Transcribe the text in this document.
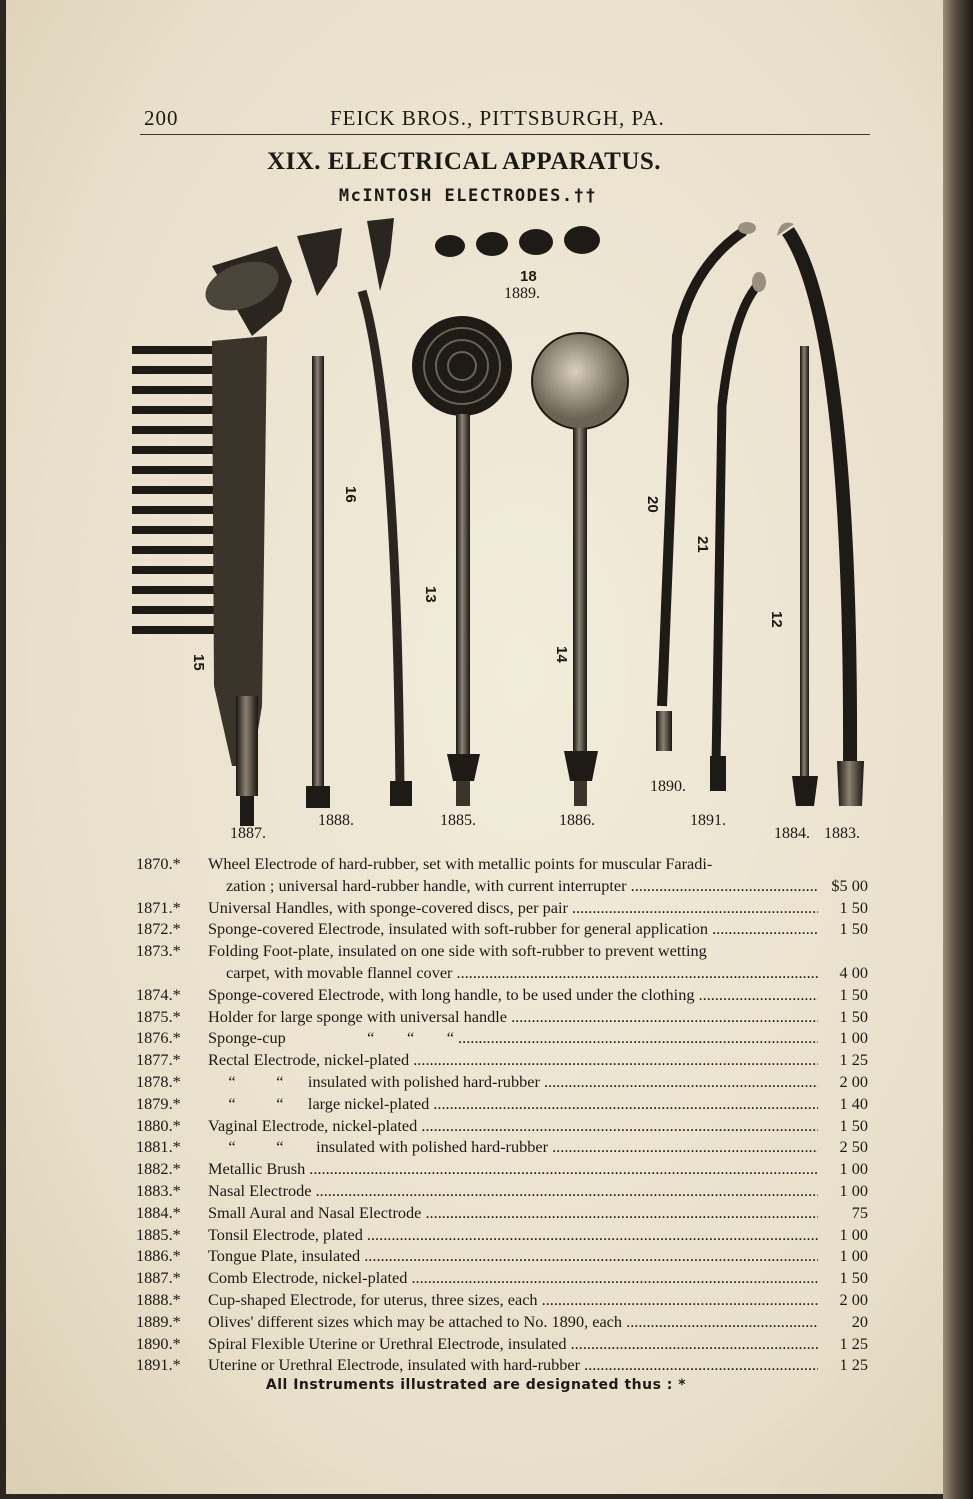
200	FEICK BROS., PITTSBURGH, PA.
XIX. ELECTRICAL APPARATUS.
McINTOSH ELECTRODES.††
18
15
16
13
14
20
21
12
1889.
1887.
1888.	1885.	1886.
1890.
1891.
1884. 1883.
1870.*	Wheel Electrode of hard-rubber, set with metallic points for muscular Faradi-
zation ; universal hard-rubber handle, with current interrupter .....	$5 00
1871.*	Universal Handles, with sponge-covered discs, per pair .....	1 50
1872.*	Sponge-covered Electrode, insulated with soft-rubber for general application .....	1 50
1873.*	Folding Foot-plate, insulated on one side with soft-rubber to prevent wetting
carpet, with movable flannel cover .....	4 00
1874.*	Sponge-covered Electrode, with long handle, to be used under the clothing .....	1 50
1875.*	Holder for large sponge with universal handle .....	1 50
1876.*	Sponge-cup                    “        “        “ .....	1 00
1877.*	Rectal Electrode, nickel-plated .....	1 25
1878.*	“          “      insulated with polished hard-rubber .....	2 00
1879.*	“          “      large nickel-plated .....	1 40
1880.*	Vaginal Electrode, nickel-plated .....	1 50
1881.*	“          “        insulated with polished hard-rubber .....	2 50
1882.*	Metallic Brush .....	1 00
1883.*	Nasal Electrode .....	1 00
1884.*	Small Aural and Nasal Electrode .....	75
1885.*	Tonsil Electrode, plated .....	1 00
1886.*	Tongue Plate, insulated .....	1 00
1887.*	Comb Electrode, nickel-plated .....	1 50
1888.*	Cup-shaped Electrode, for uterus, three sizes, each .....	2 00
1889.*	Olives' different sizes which may be attached to No. 1890, each .....	20
1890.*	Spiral Flexible Uterine or Urethral Electrode, insulated .....	1 25
1891.*	Uterine or Urethral Electrode, insulated with hard-rubber .....	1 25
All Instruments illustrated are designated thus : *
